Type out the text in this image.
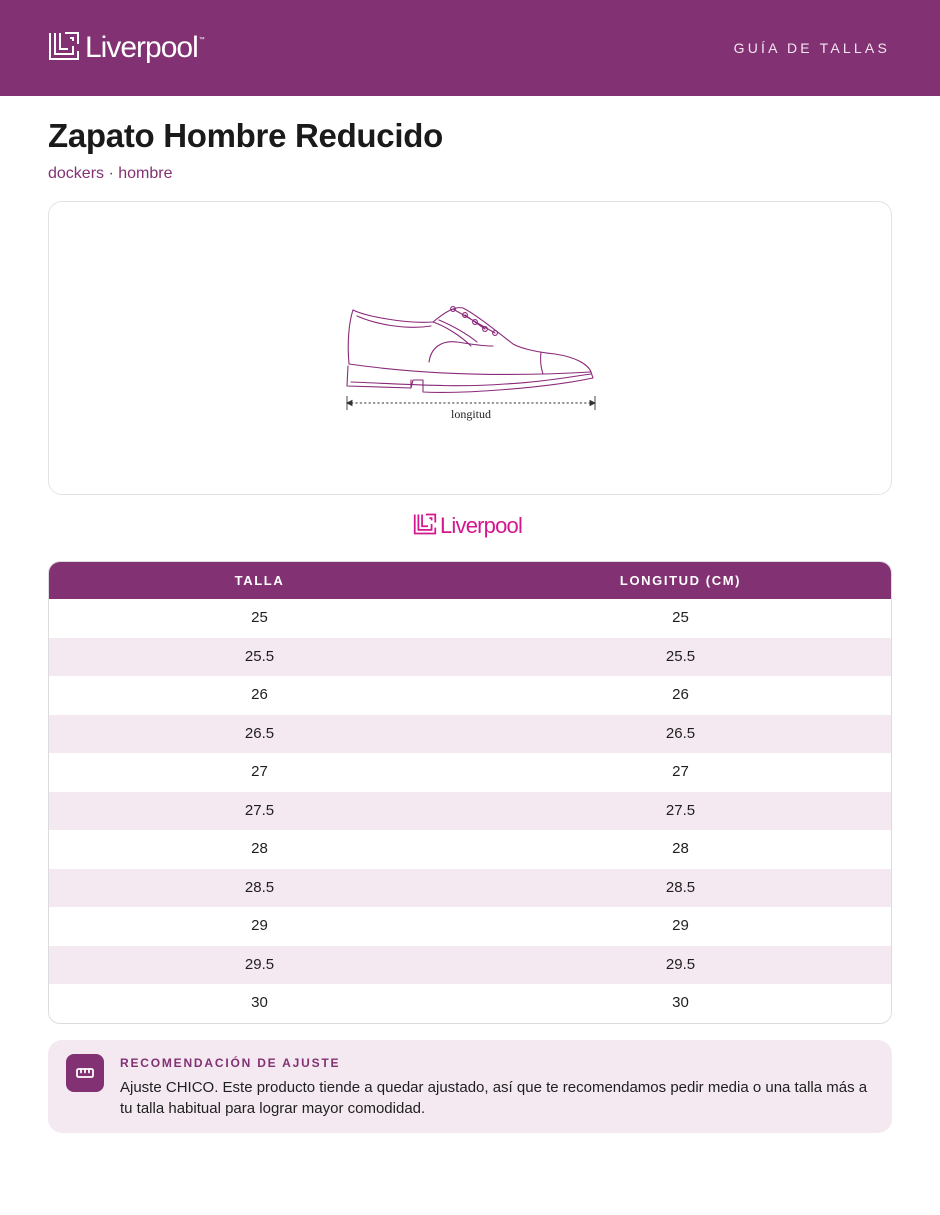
Liverpool ™	GUÍA DE TALLAS
Zapato Hombre Reducido
dockers · hombre
longitud
Liverpool
TALLA	LONGITUD (CM)
25	25
25.5	25.5
26	26
26.5	26.5
27	27
27.5	27.5
28	28
28.5	28.5
29	29
29.5	29.5
30	30
RECOMENDACIÓN DE AJUSTE
Ajuste CHICO. Este producto tiende a quedar ajustado, así que te recomendamos pedir media o una talla más a tu talla habitual para lograr mayor comodidad.
